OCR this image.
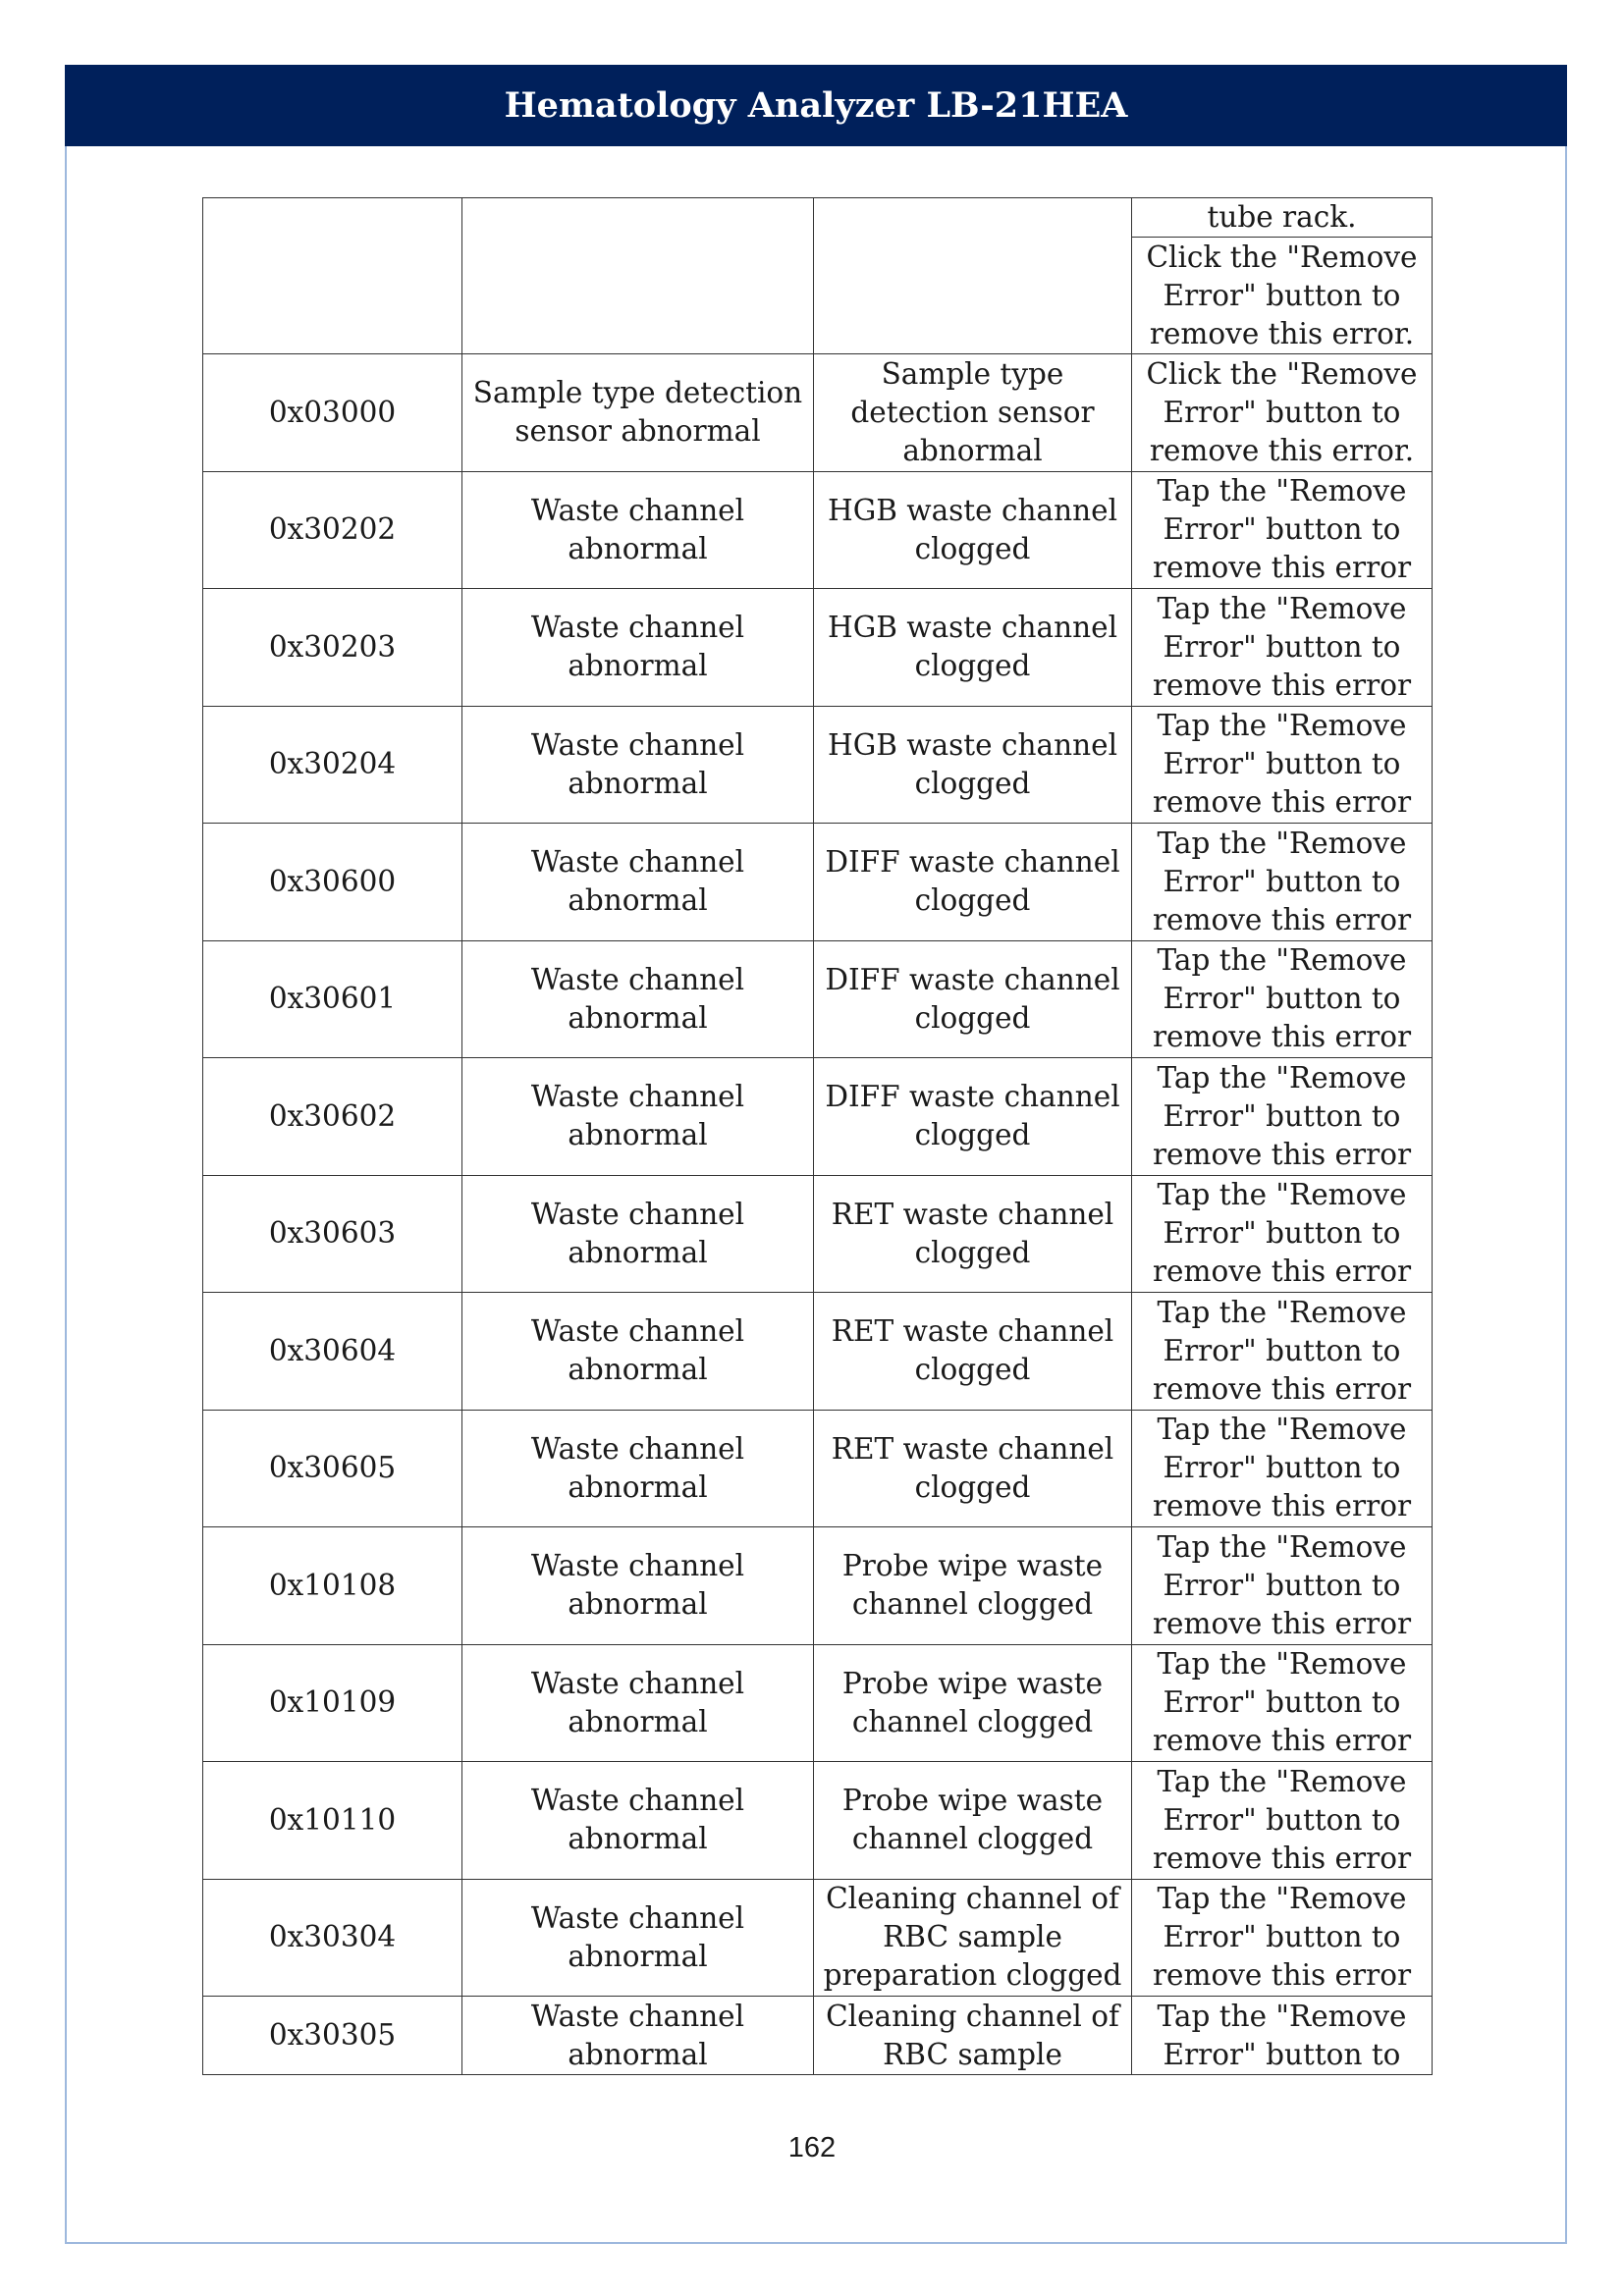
Hematology Analyzer LB-21HEA
			tube rack.
			Click the "Remove Error" button to remove this error.
0x03000	Sample type detection sensor abnormal	Sample type detection sensor abnormal	Click the "Remove Error" button to remove this error.
0x30202	Waste channel abnormal	HGB waste channel clogged	Tap the "Remove Error" button to remove this error
0x30203	Waste channel abnormal	HGB waste channel clogged	Tap the "Remove Error" button to remove this error
0x30204	Waste channel abnormal	HGB waste channel clogged	Tap the "Remove Error" button to remove this error
0x30600	Waste channel abnormal	DIFF waste channel clogged	Tap the "Remove Error" button to remove this error
0x30601	Waste channel abnormal	DIFF waste channel clogged	Tap the "Remove Error" button to remove this error
0x30602	Waste channel abnormal	DIFF waste channel clogged	Tap the "Remove Error" button to remove this error
0x30603	Waste channel abnormal	RET waste channel clogged	Tap the "Remove Error" button to remove this error
0x30604	Waste channel abnormal	RET waste channel clogged	Tap the "Remove Error" button to remove this error
0x30605	Waste channel abnormal	RET waste channel clogged	Tap the "Remove Error" button to remove this error
0x10108	Waste channel abnormal	Probe wipe waste channel clogged	Tap the "Remove Error" button to remove this error
0x10109	Waste channel abnormal	Probe wipe waste channel clogged	Tap the "Remove Error" button to remove this error
0x10110	Waste channel abnormal	Probe wipe waste channel clogged	Tap the "Remove Error" button to remove this error
0x30304	Waste channel abnormal	Cleaning channel of RBC sample preparation clogged	Tap the "Remove Error" button to remove this error
0x30305	Waste channel abnormal	Cleaning channel of RBC sample	Tap the "Remove Error" button to
162
